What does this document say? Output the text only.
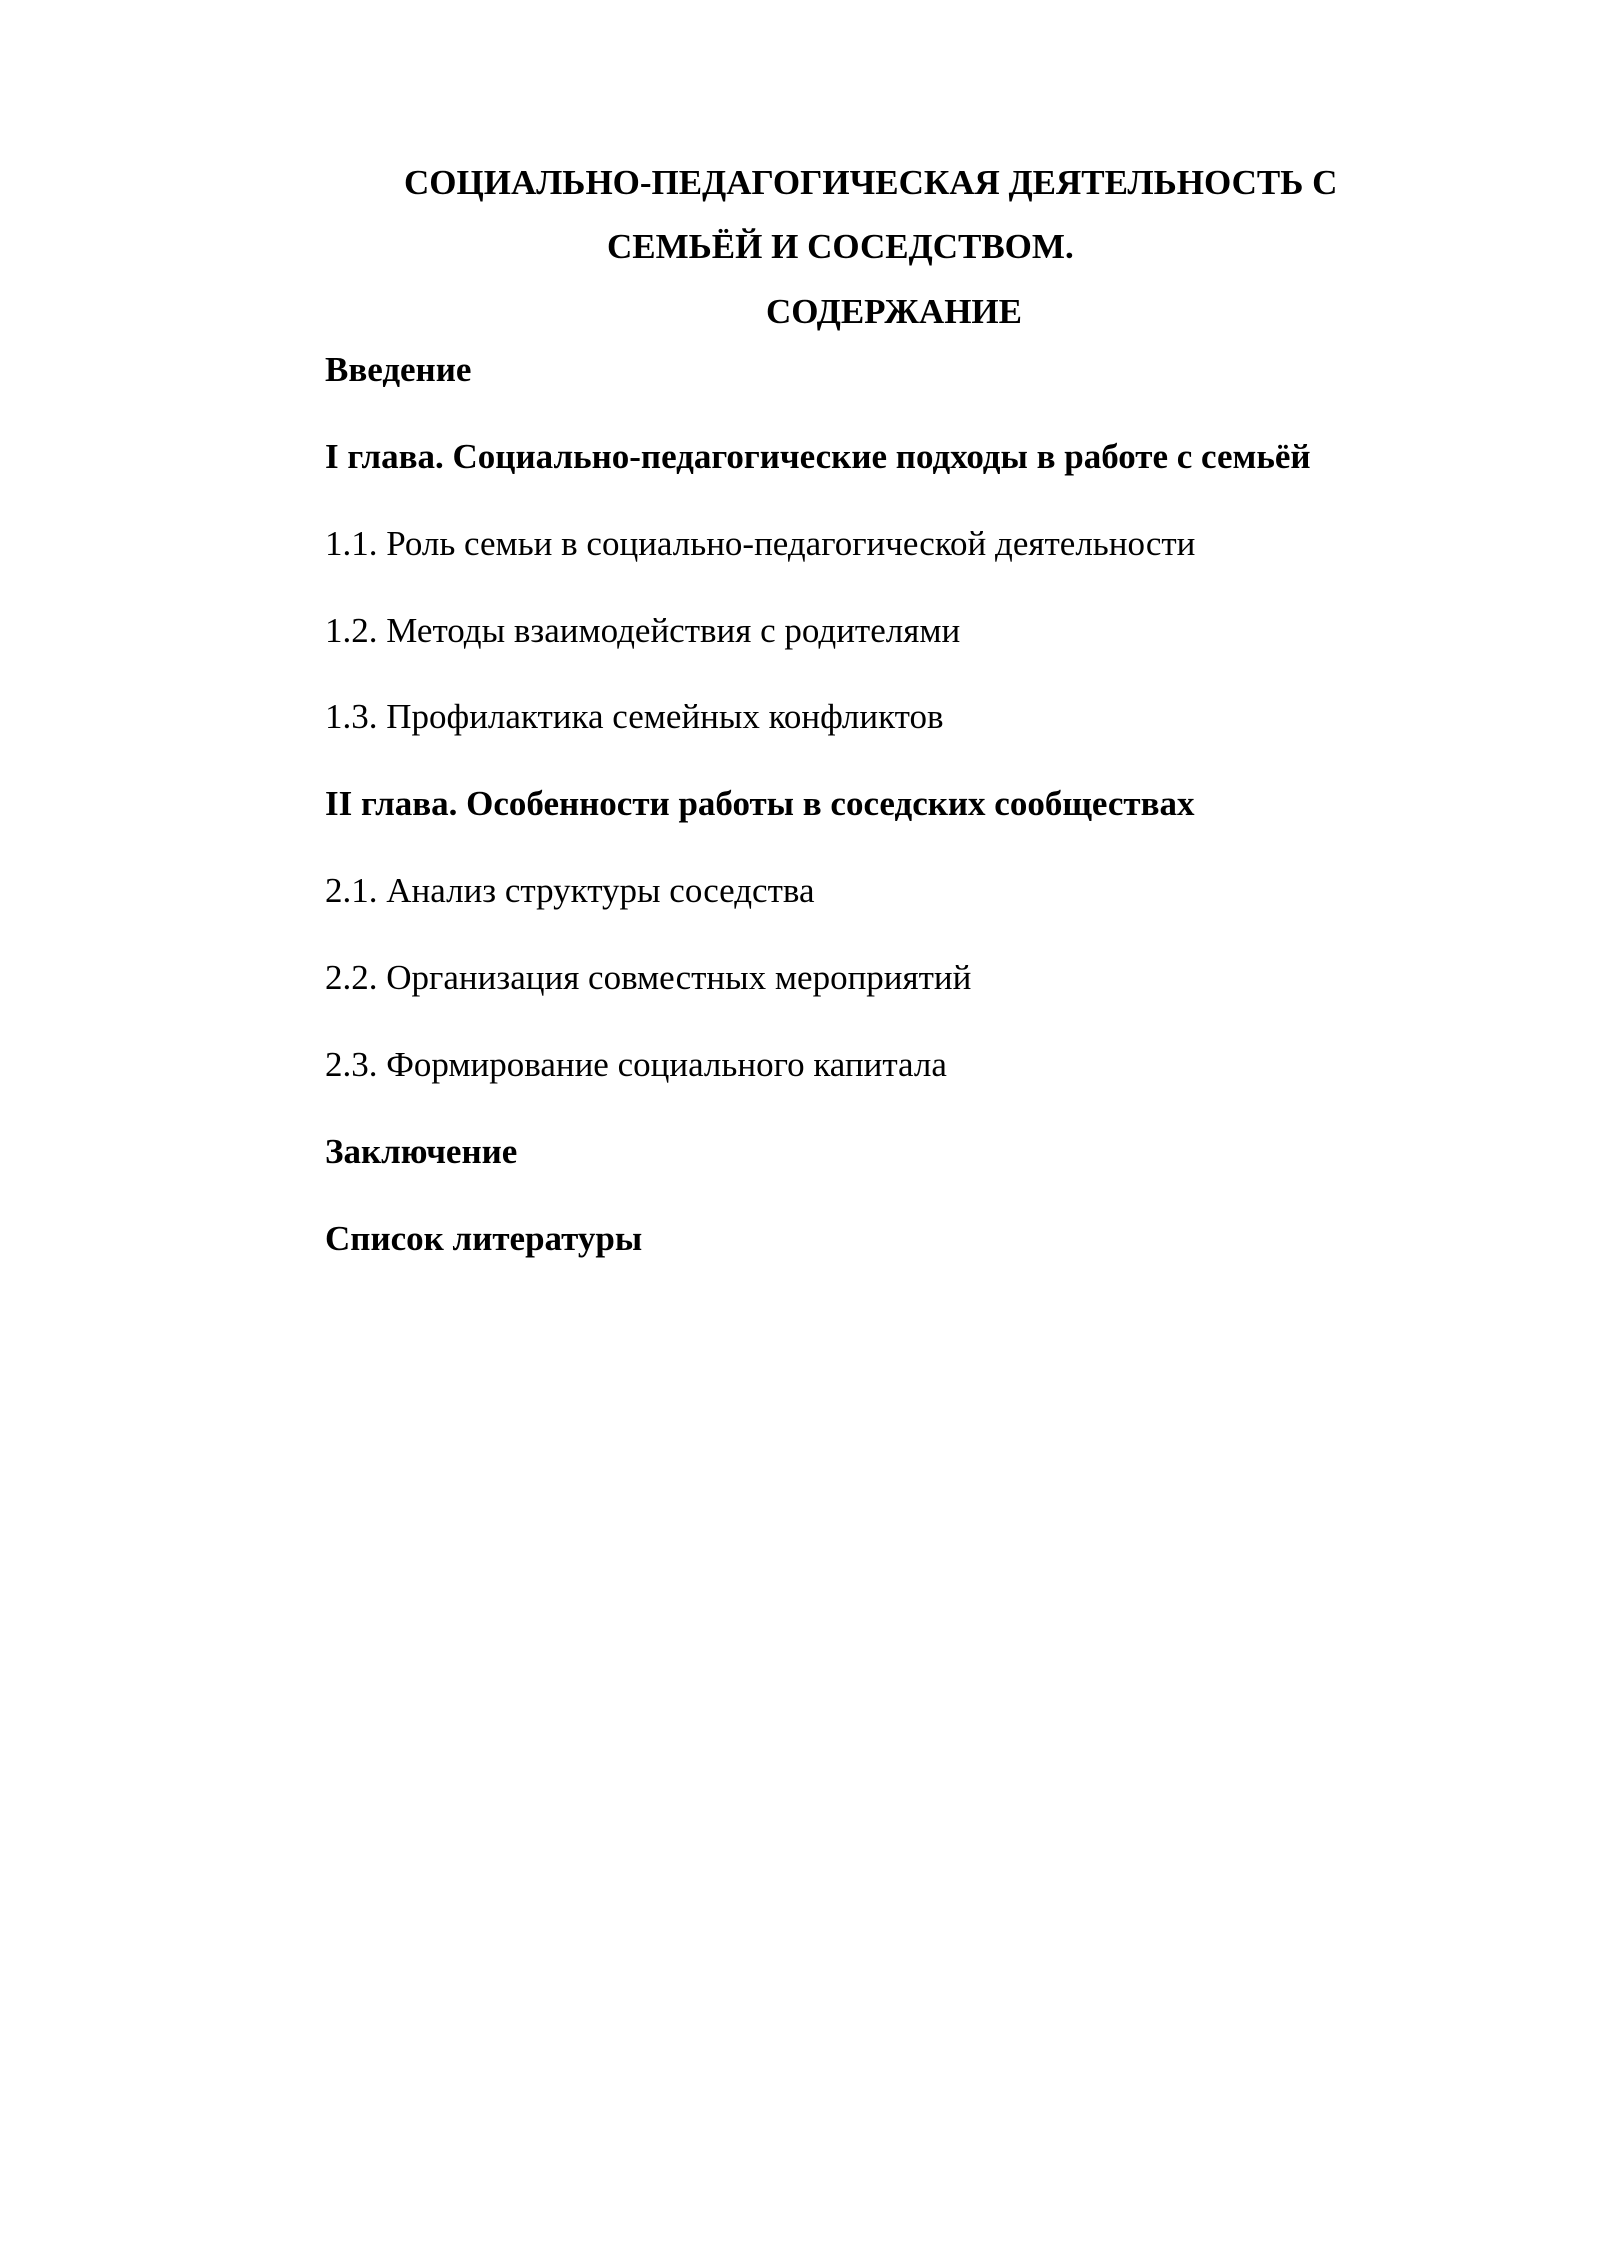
СОЦИАЛЬНО-ПЕДАГОГИЧЕСКАЯ ДЕЯТЕЛЬНОСТЬ С
СЕМЬЁЙ И СОСЕДСТВОМ.
СОДЕРЖАНИЕ
Введение
I глава. Социально-педагогические подходы в работе с семьёй
1.1. Роль семьи в социально-педагогической деятельности
1.2. Методы взаимодействия с родителями
1.3. Профилактика семейных конфликтов
II глава. Особенности работы в соседских сообществах
2.1. Анализ структуры соседства
2.2. Организация совместных мероприятий
2.3. Формирование социального капитала
Заключение
Список литературы
